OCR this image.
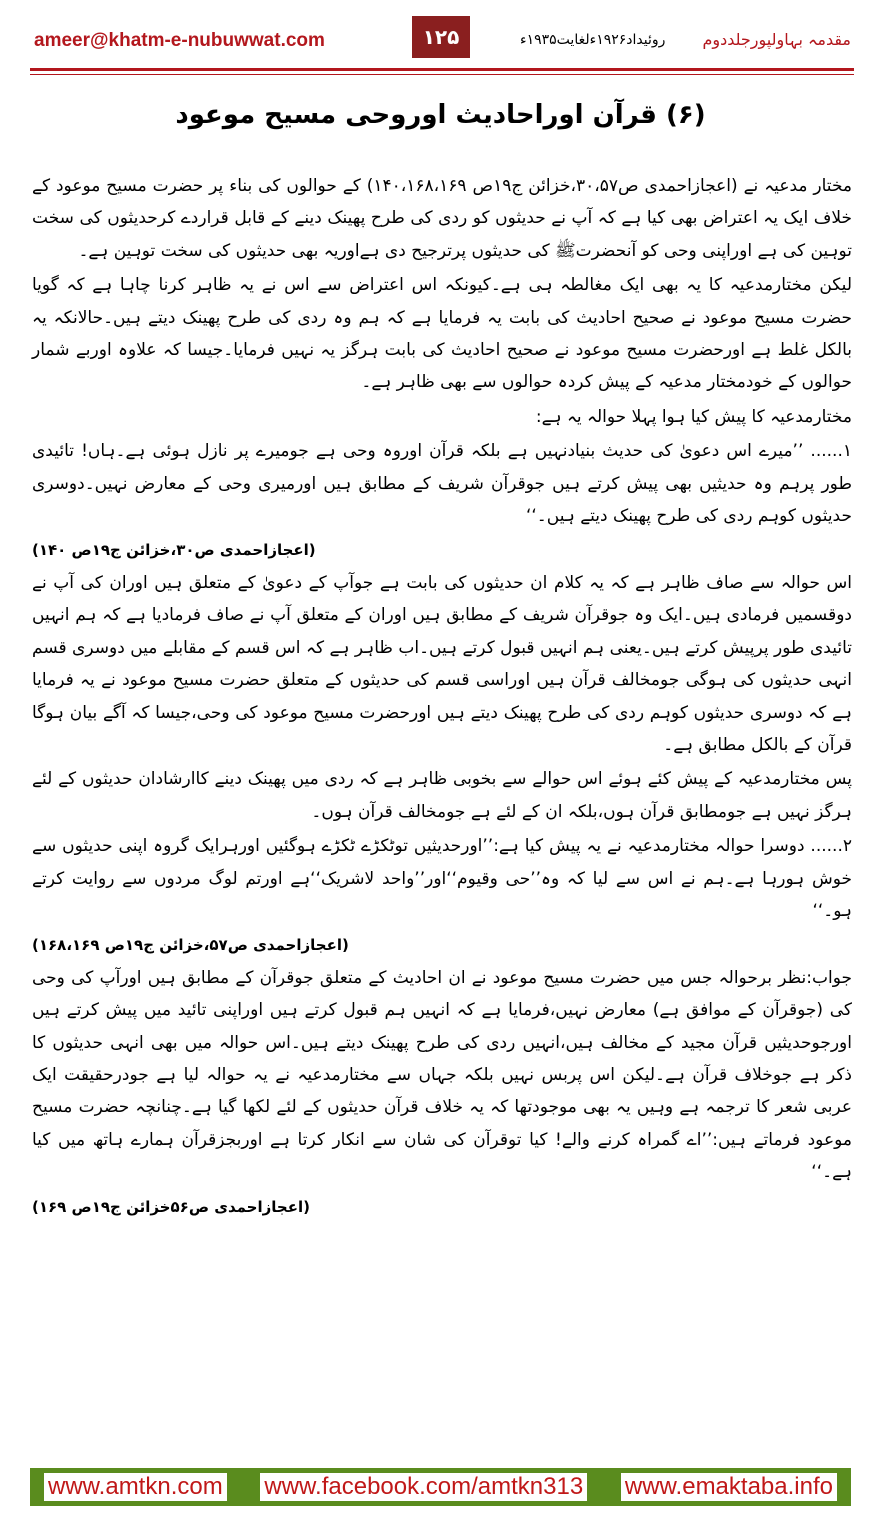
ameer@khatm-e-nubuwwat.com	۱۲۵	روئیداد۱۹۲۶ءلغایت۱۹۳۵ء مقدمہ بہاولپورجلددوم
(۶) قرآن اوراحادیث اوروحی مسیح موعود

مختار مدعیہ نے (اعجازاحمدی ص۳۰،۵۷،خزائن ج۱۹ص ۱۴۰،۱۶۸،۱۶۹) کے حوالوں کی بناء پر حضرت مسیح موعود کے خلاف ایک یہ اعتراض بھی کیا ہے کہ آپ نے حدیثوں کو ردی کی طرح پھینک دینے کے قابل قراردے کرحدیثوں کی سخت توہین کی ہے اوراپنی وحی کو آنحضرتﷺ کی حدیثوں پرترجیح دی ہےاوریہ بھی حدیثوں کی سخت توہین ہے۔

لیکن مختارمدعیہ کا یہ بھی ایک مغالطہ ہی ہے۔کیونکہ اس اعتراض سے اس نے یہ ظاہر کرنا چاہا ہے کہ گویا حضرت مسیح موعود نے صحیح احادیث کی بابت یہ فرمایا ہے کہ ہم وہ ردی کی طرح پھینک دیتے ہیں۔حالانکہ یہ بالکل غلط ہے اورحضرت مسیح موعود نے صحیح احادیث کی بابت ہرگز یہ نہیں فرمایا۔جیسا کہ علاوہ اوربے شمار حوالوں کے خودمختار مدعیہ کے پیش کردہ حوالوں سے بھی ظاہر ہے۔

مختارمدعیہ کا پیش کیا ہوا پہلا حوالہ یہ ہے:

۱...... ’’میرے اس دعویٰ کی حدیث بنیادنہیں ہے بلکہ قرآن اوروہ وحی ہے جومیرے پر نازل ہوئی ہے۔ہاں! تائیدی طور پرہم وہ حدیثیں بھی پیش کرتے ہیں جوقرآن شریف کے مطابق ہیں اورمیری وحی کے معارض نہیں۔دوسری حدیثوں کوہم ردی کی طرح پھینک دیتے ہیں۔‘‘

(اعجازاحمدی ص۳۰،خزائن ج۱۹ص ۱۴۰)

اس حوالہ سے صاف ظاہر ہے کہ یہ کلام ان حدیثوں کی بابت ہے جوآپ کے دعویٰ کے متعلق ہیں اوران کی آپ نے دوقسمیں فرمادی ہیں۔ایک وہ جوقرآن شریف کے مطابق ہیں اوران کے متعلق آپ نے صاف فرمادیا ہے کہ ہم انہیں تائیدی طور پرپیش کرتے ہیں۔یعنی ہم انہیں قبول کرتے ہیں۔اب ظاہر ہے کہ اس قسم کے مقابلے میں دوسری قسم انہی حدیثوں کی ہوگی جومخالف قرآن ہیں اوراسی قسم کی حدیثوں کے متعلق حضرت مسیح موعود نے یہ فرمایا ہے کہ دوسری حدیثوں کوہم ردی کی طرح پھینک دیتے ہیں اورحضرت مسیح موعود کی وحی،جیسا کہ آگے بیان ہوگا قرآن کے بالکل مطابق ہے۔

پس مختارمدعیہ کے پیش کئے ہوئے اس حوالے سے بخوبی ظاہر ہے کہ ردی میں پھینک دینے کاارشادان حدیثوں کے لئے ہرگز نہیں ہے جومطابق قرآن ہوں،بلکہ ان کے لئے ہے جومخالف قرآن ہوں۔

۲...... دوسرا حوالہ مختارمدعیہ نے یہ پیش کیا ہے:’’اورحدیثیں توٹکڑے ٹکڑے ہوگئیں اورہرایک گروہ اپنی حدیثوں سے خوش ہورہا ہے۔ہم نے اس سے لیا کہ وہ’’حی وقیوم‘‘اور’’واحد لاشریک‘‘ہے اورتم لوگ مردوں سے روایت کرتے ہو۔‘‘

(اعجازاحمدی ص۵۷،خزائن ج۱۹ص ۱۶۸،۱۶۹)

جواب:نظر برحوالہ جس میں حضرت مسیح موعود نے ان احادیث کے متعلق جوقرآن کے مطابق ہیں اورآپ کی وحی کی (جوقرآن کے موافق ہے) معارض نہیں،فرمایا ہے کہ انہیں ہم قبول کرتے ہیں اوراپنی تائید میں پیش کرتے ہیں اورجوحدیثیں قرآن مجید کے مخالف ہیں،انہیں ردی کی طرح پھینک دیتے ہیں۔اس حوالہ میں بھی انہی حدیثوں کا ذکر ہے جوخلاف قرآن ہے۔لیکن اس پربس نہیں بلکہ جہاں سے مختارمدعیہ نے یہ حوالہ لیا ہے جودرحقیقت ایک عربی شعر کا ترجمہ ہے وہیں یہ بھی موجودتھا کہ یہ خلاف قرآن حدیثوں کے لئے لکھا گیا ہے۔چنانچہ حضرت مسیح موعود فرماتے ہیں:’’اے گمراہ کرنے والے! کیا توقرآن کی شان سے انکار کرتا ہے اوربجزقرآن ہمارے ہاتھ میں کیا ہے۔‘‘

(اعجازاحمدی ص۵۶خزائن ج۱۹ص ۱۶۹)
www.amtkn.com www.facebook.com/amtkn313 www.emaktaba.info
